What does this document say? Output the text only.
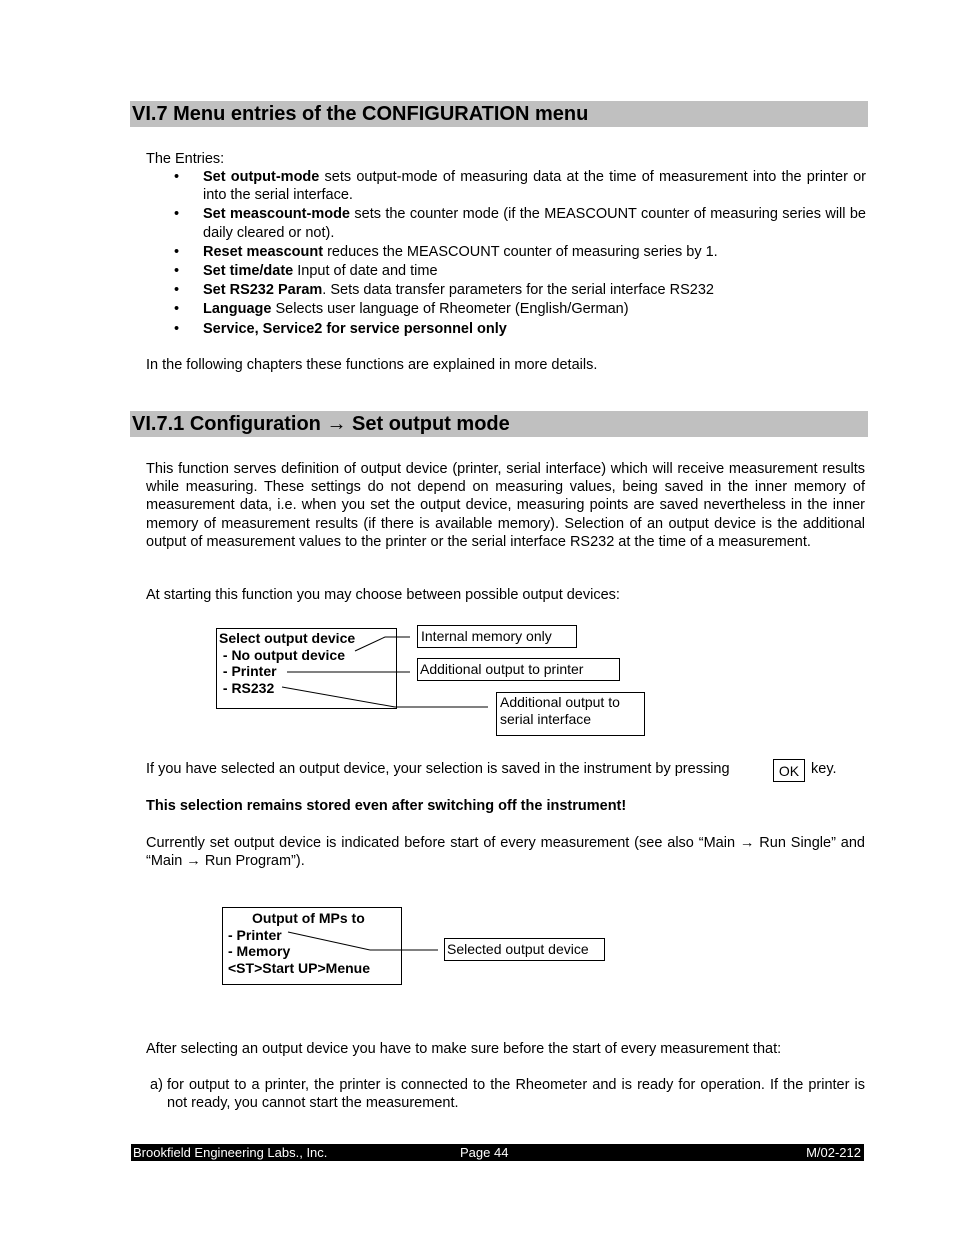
VI.7 Menu entries of the CONFIGURATION menu
The Entries:
• Set output-mode sets output-mode of measuring data at the time of measurement into the printer or into the serial interface.
• Set meascount-mode sets the counter mode (if the MEASCOUNT counter of measuring series will be daily cleared or not).
• Reset meascount reduces the MEASCOUNT counter of measuring series by 1.
• Set time/date Input of date and time
• Set RS232 Param. Sets data transfer parameters for the serial interface RS232
• Language Selects user language of Rheometer (English/German)
• Service, Service2 for service personnel only
In the following chapters these functions are explained in more details.
VI.7.1 Configuration → Set output mode
This function serves definition of output device (printer, serial interface) which will receive measurement results while measuring. These settings do not depend on measuring values, being saved in the inner memory of measurement data, i.e. when you set the output device, measuring points are saved nevertheless in the inner memory of measurement results (if there is available memory). Selection of an output device is the additional output of measurement values to the printer or the serial interface RS232 at the time of a measurement.
At starting this function you may choose between possible output devices:
Select output device
- No output device
- Printer
- RS232
Internal memory only
Additional output to printer
Additional output to
serial interface
If you have selected an output device, your selection is saved in the instrument by pressing	OK key.
This selection remains stored even after switching off the instrument!
Currently set output device is indicated before start of every measurement (see also “Main → Run Single” and “Main → Run Program”).
Output of MPs to
- Printer
- Memory
<ST>Start UP>Menue
Selected output device
After selecting an output device you have to make sure before the start of every measurement that:
a) for output to a printer, the printer is connected to the Rheometer and is ready for operation. If the printer is not ready, you cannot start the measurement.
Brookfield Engineering Labs., Inc.	Page 44	M/02-212
